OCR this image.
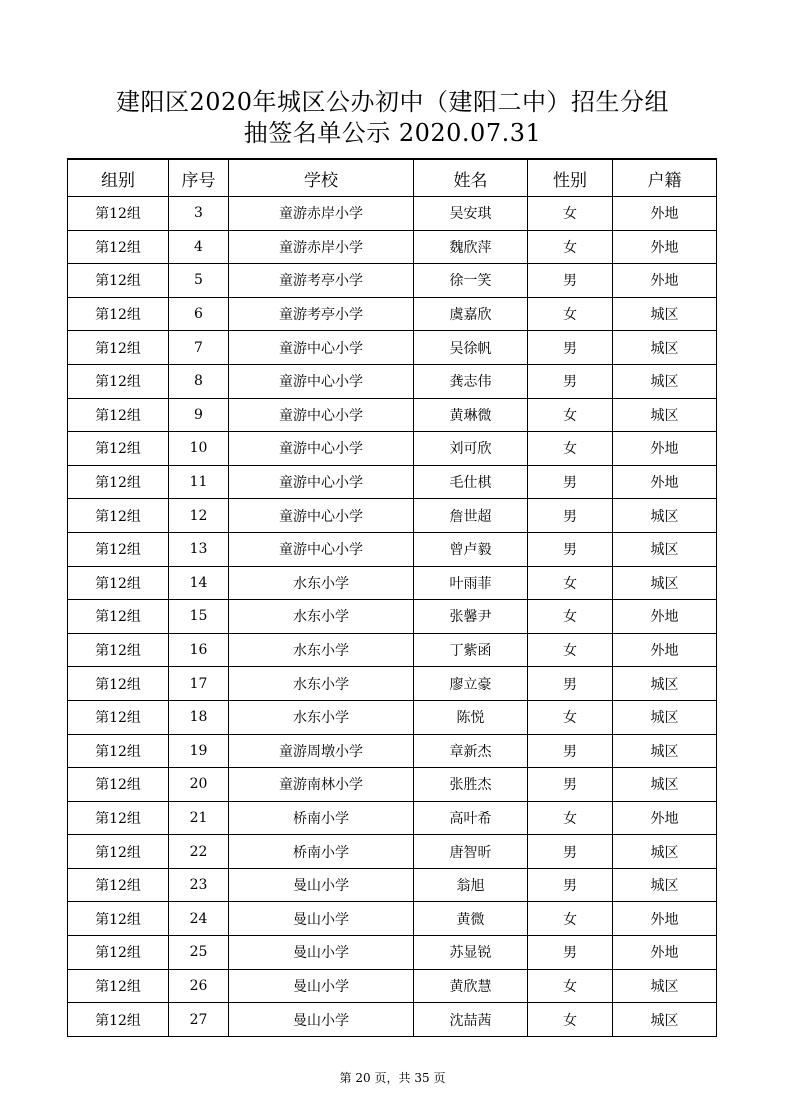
建阳区2020年城区公办初中（建阳二中）招生分组
抽签名单公示 2020.07.31
组别	序号	学校	姓名	性别	户籍
第12组	3	童游赤岸小学	吴安琪	女	外地
第12组	4	童游赤岸小学	魏欣萍	女	外地
第12组	5	童游考亭小学	徐一笑	男	外地
第12组	6	童游考亭小学	虞嘉欣	女	城区
第12组	7	童游中心小学	吴徐帆	男	城区
第12组	8	童游中心小学	龚志伟	男	城区
第12组	9	童游中心小学	黄琳微	女	城区
第12组	10	童游中心小学	刘可欣	女	外地
第12组	11	童游中心小学	毛仕棋	男	外地
第12组	12	童游中心小学	詹世超	男	城区
第12组	13	童游中心小学	曾卢毅	男	城区
第12组	14	水东小学	叶雨菲	女	城区
第12组	15	水东小学	张馨尹	女	外地
第12组	16	水东小学	丁紫函	女	外地
第12组	17	水东小学	廖立豪	男	城区
第12组	18	水东小学	陈悦	女	城区
第12组	19	童游周墩小学	章新杰	男	城区
第12组	20	童游南林小学	张胜杰	男	城区
第12组	21	桥南小学	高叶希	女	外地
第12组	22	桥南小学	唐智昕	男	城区
第12组	23	曼山小学	翁旭	男	城区
第12组	24	曼山小学	黄微	女	外地
第12组	25	曼山小学	苏显锐	男	外地
第12组	26	曼山小学	黄欣慧	女	城区
第12组	27	曼山小学	沈喆茜	女	城区
第 20 页，共 35 页
